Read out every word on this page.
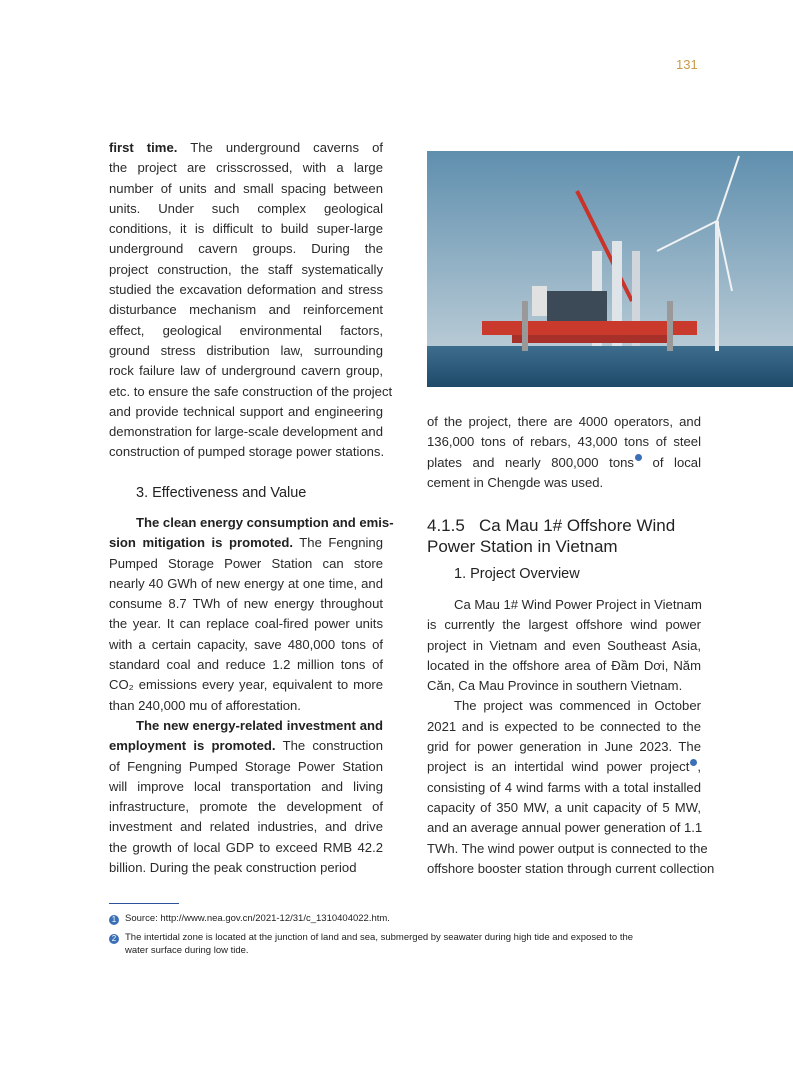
131
first time. The underground caverns of
the project are crisscrossed, with a large
number of units and small spacing between
units. Under such complex geological
conditions, it is difficult to build super-large
underground cavern groups. During the
project construction, the staff systematically
studied the excavation deformation and stress
disturbance mechanism and reinforcement
effect, geological environmental factors,
ground stress distribution law, surrounding
rock failure law of underground cavern group,
etc. to ensure the safe construction of the project
and provide technical support and engineering
demonstration for large-scale development and
construction of pumped storage power stations.
3. Effectiveness and Value
The clean energy consumption and emis-
sion mitigation is promoted. The Fengning
Pumped Storage Power Station can store
nearly 40 GWh of new energy at one time, and
consume 8.7 TWh of new energy throughout
the year. It can replace coal-fired power units
with a certain capacity, save 480,000 tons of
standard coal and reduce 1.2 million tons of
CO₂ emissions every year, equivalent to more
than 240,000 mu of afforestation.
The new energy-related investment and
employment is promoted. The construction
of Fengning Pumped Storage Power Station
will improve local transportation and living
infrastructure, promote the development of
investment and related industries, and drive
the growth of local GDP to exceed RMB 42.2
billion. During the peak construction period
of the project, there are 4000 operators, and
136,000 tons of rebars, 43,000 tons of steel
plates and nearly 800,000 tons of local
cement in Chengde was used.
4.1.5   Ca Mau 1# Offshore Wind
Power Station in Vietnam
1. Project Overview
Ca Mau 1# Wind Power Project in Vietnam
is currently the largest offshore wind power
project in Vietnam and even Southeast Asia,
located in the offshore area of Đầm Dơi, Năm
Căn, Ca Mau Province in southern Vietnam.
The project was commenced in October
2021 and is expected to be connected to the
grid for power generation in June 2023. The
project is an intertidal wind power project ,
consisting of 4 wind farms with a total installed
capacity of 350 MW, a unit capacity of 5 MW,
and an average annual power generation of 1.1
TWh. The wind power output is connected to the
offshore booster station through current collection
1 Source: http://www.nea.gov.cn/2021-12/31/c_1310404022.htm.
2 The intertidal zone is located at the junction of land and sea, submerged by seawater during high tide and exposed to the
water surface during low tide.
